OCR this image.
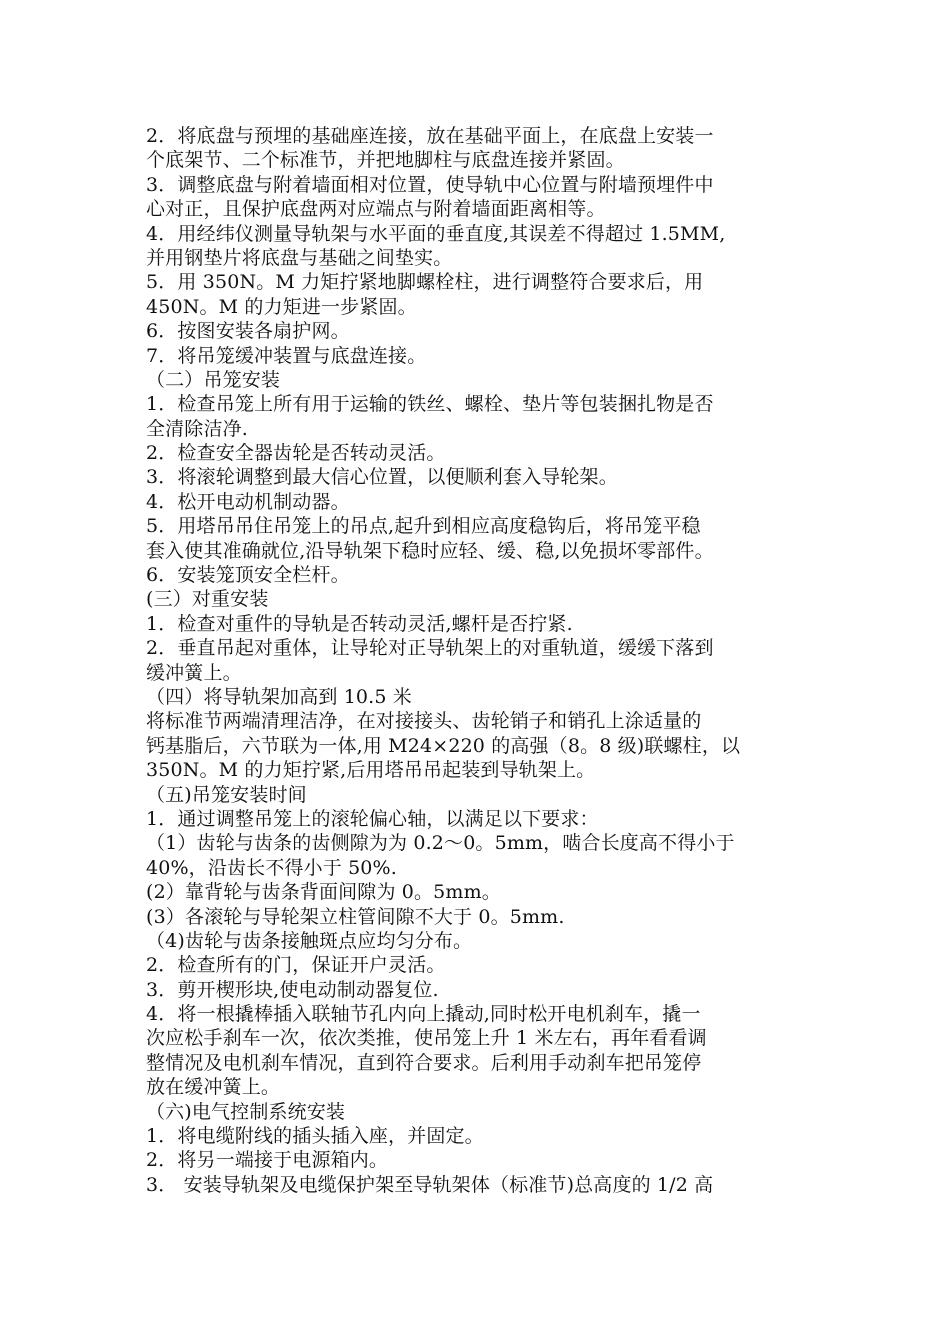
2．将底盘与预埋的基础座连接，放在基础平面上，在底盘上安装一
个底架节、二个标准节，并把地脚柱与底盘连接并紧固。
3．调整底盘与附着墙面相对位置，使导轨中心位置与附墙预埋件中
心对正，且保护底盘两对应端点与附着墙面距离相等。
4．用经纬仪测量导轨架与水平面的垂直度,其误差不得超过 1.5MM,
并用钢垫片将底盘与基础之间垫实。
5．用 350N。M 力矩拧紧地脚螺栓柱，进行调整符合要求后，用
450N。M 的力矩进一步紧固。
6．按图安装各扇护网。
7．将吊笼缓冲装置与底盘连接。
（二）吊笼安装
1．检查吊笼上所有用于运输的铁丝、螺栓、垫片等包装捆扎物是否
全清除洁净.
2．检查安全器齿轮是否转动灵活。
3．将滚轮调整到最大信心位置，以便顺利套入导轮架。
4．松开电动机制动器。
5．用塔吊吊住吊笼上的吊点,起升到相应高度稳钩后，将吊笼平稳
套入使其准确就位,沿导轨架下稳时应轻、缓、稳,以免损坏零部件。
6．安装笼顶安全栏杆。
(三）对重安装
1．检查对重件的导轨是否转动灵活,螺杆是否拧紧.
2．垂直吊起对重体，让导轮对正导轨架上的对重轨道，缓缓下落到
缓冲簧上。
（四）将导轨架加高到 10.5 米
将标准节两端清理洁净，在对接接头、齿轮销子和销孔上涂适量的
钙基脂后，六节联为一体,用 M24×220 的高强（8。8 级)联螺柱，以
350N。M 的力矩拧紧,后用塔吊吊起装到导轨架上。
（五)吊笼安装时间
1．通过调整吊笼上的滚轮偏心轴，以满足以下要求：
（1）齿轮与齿条的齿侧隙为为 0.2～0。5mm，啮合长度高不得小于
40%，沿齿长不得小于 50%.
(2）靠背轮与齿条背面间隙为 0。5mm。
(3）各滚轮与导轮架立柱管间隙不大于 0。5mm.
（4)齿轮与齿条接触斑点应均匀分布。
2．检查所有的门，保证开户灵活。
3．剪开楔形块,使电动制动器复位.
4．将一根撬棒插入联轴节孔内向上撬动,同时松开电机刹车，撬一
次应松手刹车一次，依次类推，使吊笼上升 1 米左右，再年看看调
整情况及电机刹车情况，直到符合要求。后利用手动刹车把吊笼停
放在缓冲簧上。
（六)电气控制系统安装
1．将电缆附线的插头插入座，并固定。
2．将另一端接于电源箱内。
3． 安装导轨架及电缆保护架至导轨架体（标准节)总高度的 1/2 高
